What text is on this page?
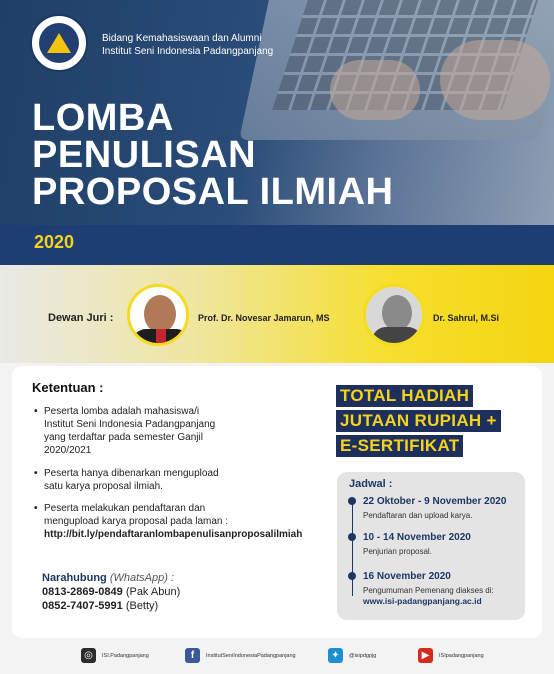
Bidang Kemahasiswaan dan Alumni
Institut Seni Indonesia Padangpanjang
LOMBA
PENULISAN
PROPOSAL ILMIAH
2020
Dewan Juri :	Prof. Dr. Novesar Jamarun, MS	Dr. Sahrul, M.Si
Ketentuan :
• Peserta lomba adalah mahasiswa/i
Institut Seni Indonesia Padangpanjang
yang terdaftar pada semester Ganjil
2020/2021
• Peserta hanya dibenarkan mengupload
satu karya proposal ilmiah.
• Peserta melakukan pendaftaran dan
mengupload karya proposal pada laman :
http://bit.ly/pendaftaranlombapenulisanproposalilmiah
Narahubung (WhatsApp) :
0813-2869-0849 (Pak Abun)
0852-7407-5991 (Betty)
TOTAL HADIAH
JUTAAN RUPIAH +
E-SERTIFIKAT
Jadwal :
22 Oktober - 9 November 2020
Pendaftaran dan upload karya.
10 - 14 November 2020
Penjurian proposal.
16 November 2020
Pengumuman Pemenang diakses di:
www.isi-padangpanjang.ac.id
◎ ISI.Padangpanjang	f InstitutSeniIndonesiaPadangpanjang	✦ @isipdgpjg	▶ ISIpadangpanjang
